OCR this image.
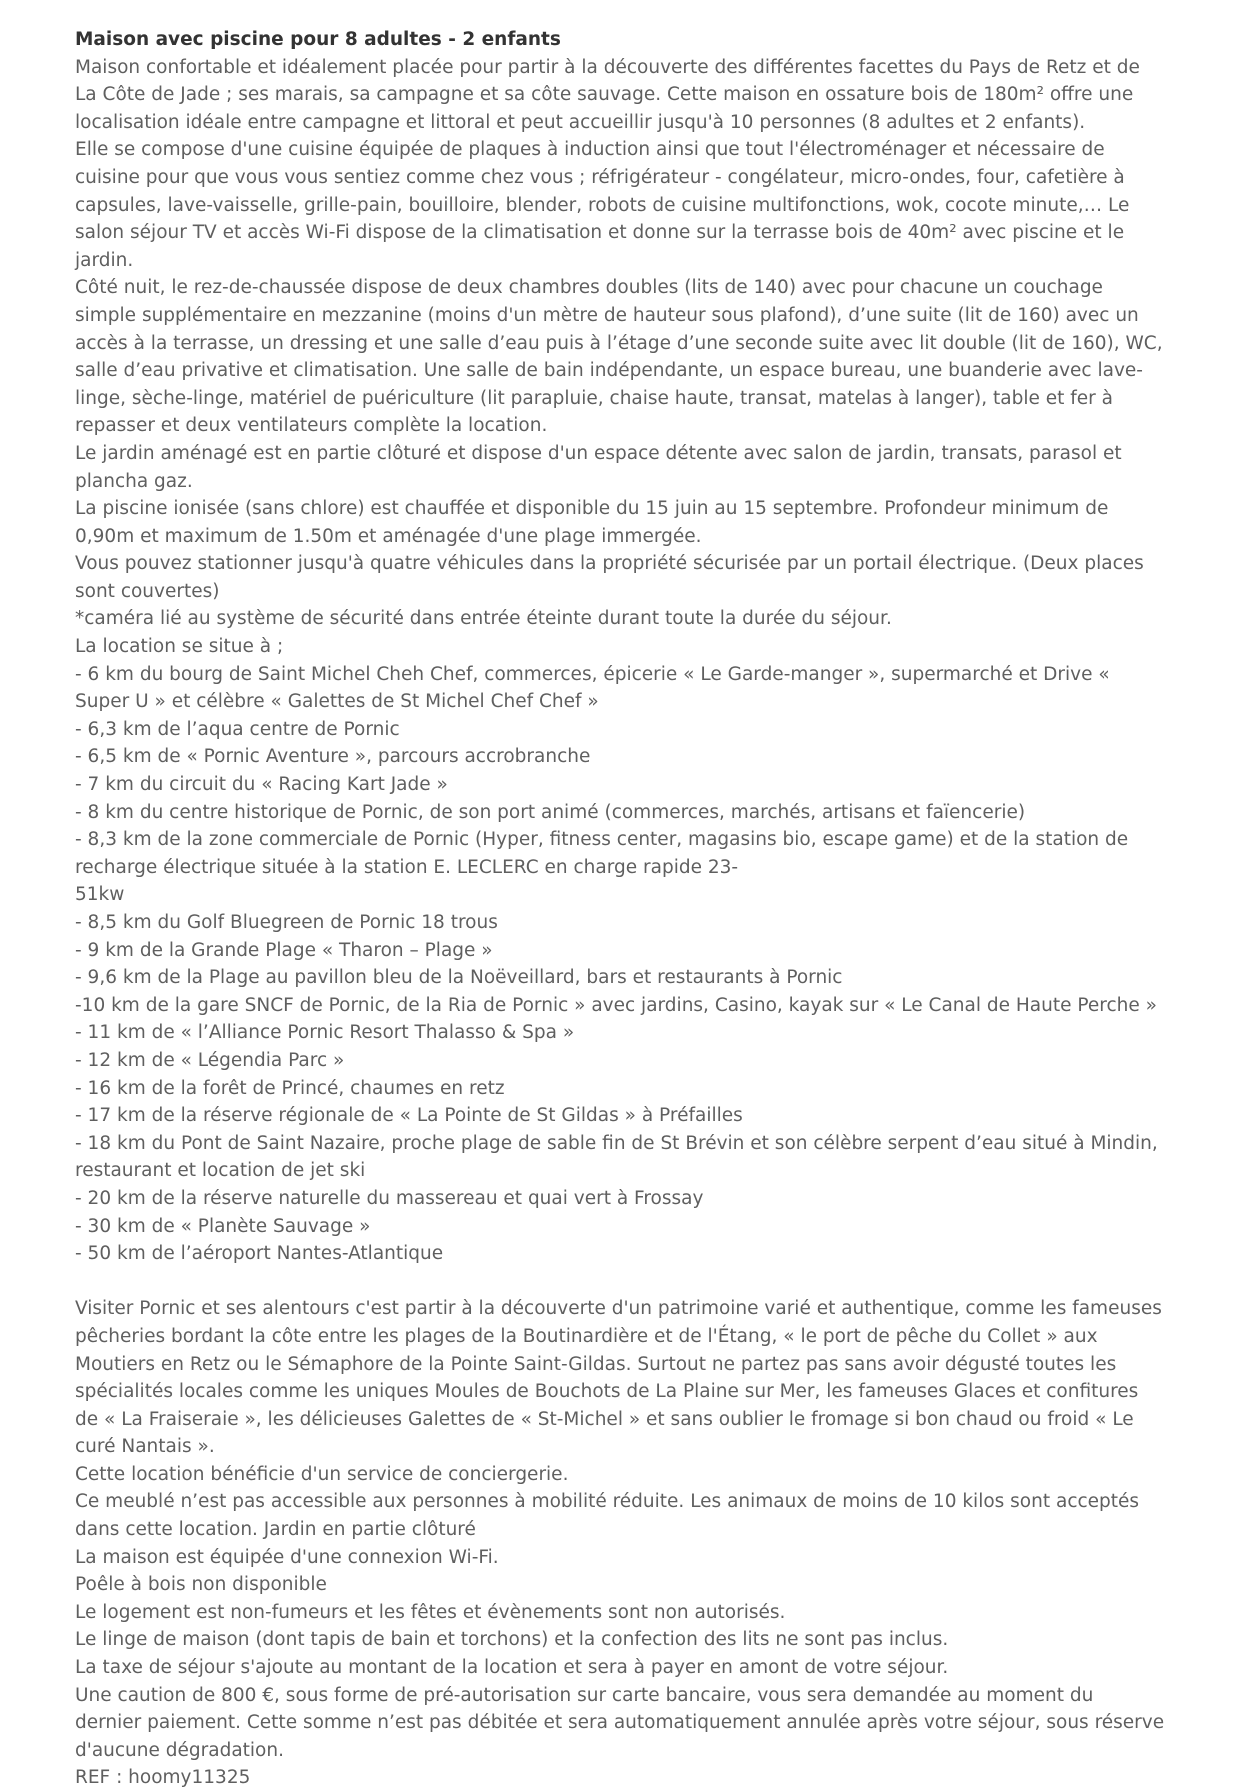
Maison avec piscine pour 8 adultes - 2 enfants

Maison confortable et idéalement placée pour partir à la découverte des différentes facettes du Pays de Retz et de La Côte de Jade ; ses marais, sa campagne et sa côte sauvage. Cette maison en ossature bois de 180m² offre une localisation idéale entre campagne et littoral et peut accueillir jusqu'à 10 personnes (8 adultes et 2 enfants).

Elle se compose d'une cuisine équipée de plaques à induction ainsi que tout l'électroménager et nécessaire de cuisine pour que vous vous sentiez comme chez vous ; réfrigérateur - congélateur, micro-ondes, four, cafetière à capsules, lave-vaisselle, grille-pain, bouilloire, blender, robots de cuisine multifonctions, wok, cocote minute,… Le salon séjour TV et accès Wi-Fi dispose de la climatisation et donne sur la terrasse bois de 40m² avec piscine et le jardin.

Côté nuit, le rez-de-chaussée dispose de deux chambres doubles (lits de 140) avec pour chacune un couchage simple supplémentaire en mezzanine (moins d'un mètre de hauteur sous plafond), d’une suite (lit de 160) avec un accès à la terrasse, un dressing et une salle d’eau puis à l’étage d’une seconde suite avec lit double (lit de 160), WC, salle d’eau privative et climatisation. Une salle de bain indépendante, un espace bureau, une buanderie avec lave-linge, sèche-linge, matériel de puériculture (lit parapluie, chaise haute, transat, matelas à langer), table et fer à repasser et deux ventilateurs complète la location.

Le jardin aménagé est en partie clôturé et dispose d'un espace détente avec salon de jardin, transats, parasol et plancha gaz.

La piscine ionisée (sans chlore) est chauffée et disponible du 15 juin au 15 septembre. Profondeur minimum de 0,90m et maximum de 1.50m et aménagée d'une plage immergée.

Vous pouvez stationner jusqu'à quatre véhicules dans la propriété sécurisée par un portail électrique. (Deux places sont couvertes)

*caméra lié au système de sécurité dans entrée éteinte durant toute la durée du séjour.

La location se situe à ;

- 6 km du bourg de Saint Michel Cheh Chef, commerces, épicerie « Le Garde-manger », supermarché et Drive « Super U » et célèbre « Galettes de St Michel Chef Chef »

- 6,3 km de l’aqua centre de Pornic

- 6,5 km de « Pornic Aventure », parcours accrobranche

- 7 km du circuit du « Racing Kart Jade »

- 8 km du centre historique de Pornic, de son port animé (commerces, marchés, artisans et faïencerie)

- 8,3 km de la zone commerciale de Pornic (Hyper, fitness center, magasins bio, escape game) et de la station de recharge électrique située à la station E. LECLERC en charge rapide 23-

51kw

- 8,5 km du Golf Bluegreen de Pornic 18 trous

- 9 km de la Grande Plage « Tharon – Plage »

- 9,6 km de la Plage au pavillon bleu de la Noëveillard, bars et restaurants à Pornic

-10 km de la gare SNCF de Pornic, de la Ria de Pornic » avec jardins, Casino, kayak sur « Le Canal de Haute Perche »

- 11 km de « l’Alliance Pornic Resort Thalasso & Spa »

- 12 km de « Légendia Parc »

- 16 km de la forêt de Princé, chaumes en retz

- 17 km de la réserve régionale de « La Pointe de St Gildas » à Préfailles

- 18 km du Pont de Saint Nazaire, proche plage de sable fin de St Brévin et son célèbre serpent d’eau situé à Mindin, restaurant et location de jet ski

- 20 km de la réserve naturelle du massereau et quai vert à Frossay

- 30 km de « Planète Sauvage »

- 50 km de l’aéroport Nantes-Atlantique

Visiter Pornic et ses alentours c'est partir à la découverte d'un patrimoine varié et authentique, comme les fameuses pêcheries bordant la côte entre les plages de la Boutinardière et de l'Étang, « le port de pêche du Collet » aux Moutiers en Retz ou le Sémaphore de la Pointe Saint-Gildas. Surtout ne partez pas sans avoir dégusté toutes les spécialités locales comme les uniques Moules de Bouchots de La Plaine sur Mer, les fameuses Glaces et confitures de « La Fraiseraie », les délicieuses Galettes de « St-Michel » et sans oublier le fromage si bon chaud ou froid « Le curé Nantais ».

Cette location bénéficie d'un service de conciergerie.

Ce meublé n’est pas accessible aux personnes à mobilité réduite. Les animaux de moins de 10 kilos sont acceptés dans cette location. Jardin en partie clôturé

La maison est équipée d'une connexion Wi-Fi.

Poêle à bois non disponible

Le logement est non-fumeurs et les fêtes et évènements sont non autorisés.

Le linge de maison (dont tapis de bain et torchons) et la confection des lits ne sont pas inclus.

La taxe de séjour s'ajoute au montant de la location et sera à payer en amont de votre séjour.

Une caution de 800 €, sous forme de pré-autorisation sur carte bancaire, vous sera demandée au moment du dernier paiement. Cette somme n’est pas débitée et sera automatiquement annulée après votre séjour, sous réserve d'aucune dégradation.

REF : hoomy11325
